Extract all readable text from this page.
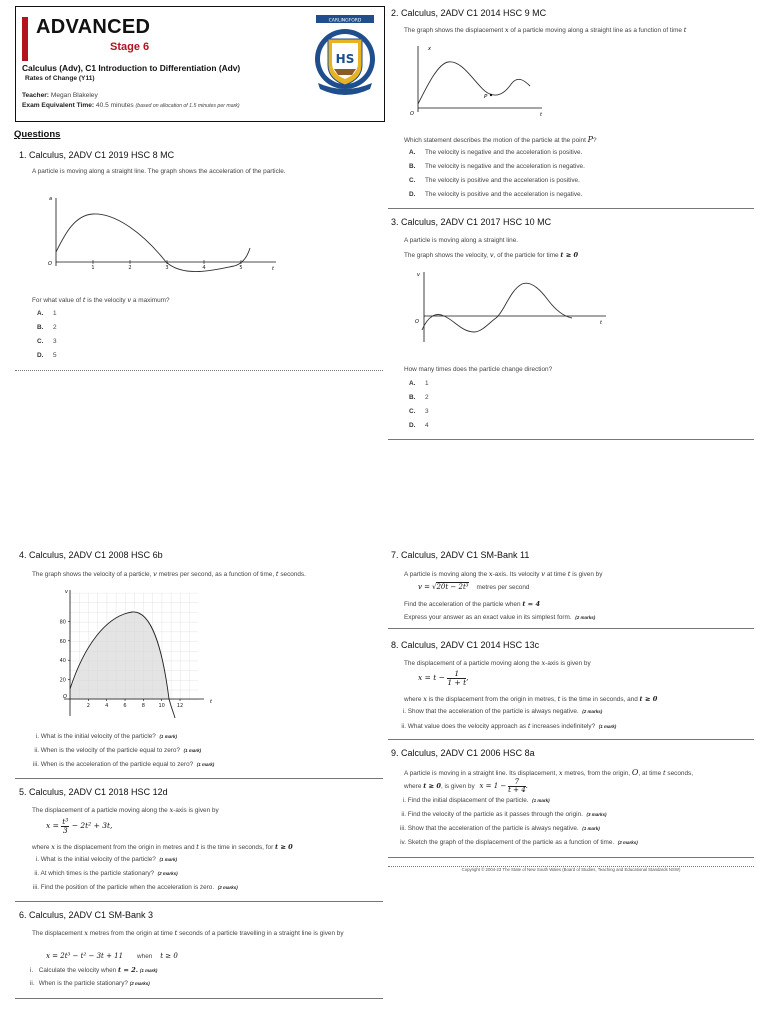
ADVANCED
Stage 6
Calculus (Adv), C1 Introduction to Differentiation (Adv)
Rates of Change (Y11)
Teacher: Megan Blakeley
Exam Equivalent Time: 40.5 minutes (based on allocation of 1.5 minutes per mark)
CARLINGFORD
HS
Questions
1. Calculus, 2ADV C1 2019 HSC 8 MC
A particle is moving along a straight line. The graph shows the acceleration of the particle.
a
O
t
1	2	3	4	5
For what value of t is the velocity v a maximum?
A. 1
B. 2
C. 3
D. 5
2. Calculus, 2ADV C1 2014 HSC 9 MC
The graph shows the displacement x of a particle moving along a straight line as a function of time t
P
x
O	t
Which statement describes the motion of the particle at the point P?
A. The velocity is negative and the acceleration is positive.
B. The velocity is negative and the acceleration is negative.
C. The velocity is positive and the acceleration is positive.
D. The velocity is positive and the acceleration is negative.
3. Calculus, 2ADV C1 2017 HSC 10 MC
A particle is moving along a straight line.
The graph shows the velocity, v, of the particle for time t ≥ 0
v
O	t
How many times does the particle change direction?
A. 1
B. 2
C. 3
D. 4
4. Calculus, 2ADV C1 2008 HSC 6b
The graph shows the velocity of a particle, v metres per second, as a function of time, t seconds.
v
O
t
20
40
60
80
2	4	6	8	10 12
i. What is the initial velocity of the particle? (1 mark)
ii. When is the velocity of the particle equal to zero? (1 mark)
iii. When is the acceleration of the particle equal to zero? (1 mark)
5. Calculus, 2ADV C1 2018 HSC 12d
The displacement of a particle moving along the x-axis is given by
$x = \frac{\text{t³}}{3} - 2t^2 + 3t$,
where x is the displacement from the origin in metres and t is the time in seconds, for t ≥ 0
i. What is the initial velocity of the particle? (1 mark)
ii. At which times is the particle stationary? (2 marks)
iii. Find the position of the particle when the acceleration is zero. (2 marks)
6. Calculus, 2ADV C1 SM-Bank 3
The displacement x metres from the origin at time t seconds of a particle travelling in a straight line is given by
x = 2t³ − t² − 3t + 11 when t ≥ 0
i. Calculate the velocity when t = 2. (1 mark)
ii. When is the particle stationary? (2 marks)
7. Calculus, 2ADV C1 SM-Bank 11
A particle is moving along the x-axis. Its velocity v at time t is given by
v = √20t − 2t³ metres per second
Find the acceleration of the particle when t = 4
Express your answer as an exact value in its simplest form. (2 marks)
8. Calculus, 2ADV C1 2014 HSC 13c
The displacement of a particle moving along the x-axis is given by
$x = t - \frac{1}{1 + t}$ ,
where x is the displacement from the origin in metres, t is the time in seconds, and t ≥ 0
i. Show that the acceleration of the particle is always negative. (2 marks)
ii. What value does the velocity approach as t increases indefinitely? (1 mark)
9. Calculus, 2ADV C1 2006 HSC 8a
A particle is moving in a straight line. Its displacement, x metres, from the origin, O, at time t seconds,
where t ≥ 0, is given by $x = 1 - \frac{7}{t + 4}$ .
i. Find the initial displacement of the particle. (1 mark)
ii. Find the velocity of the particle as it passes through the origin. (3 marks)
iii. Show that the acceleration of the particle is always negative. (1 mark)
iv. Sketch the graph of the displacement of the particle as a function of time. (2 marks)
Copyright © 2004-23 The State of New South Wales (Board of Studies, Teaching and Educational Standards NSW)
